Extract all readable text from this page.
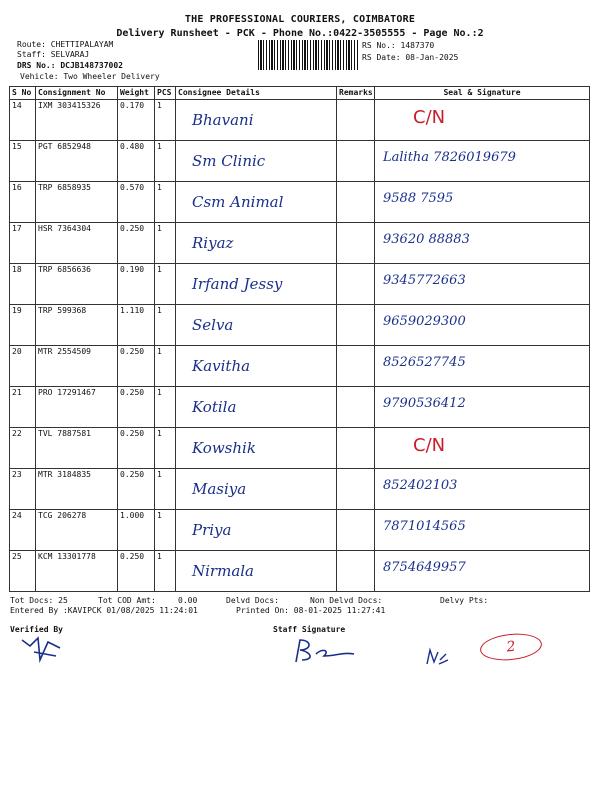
THE PROFESSIONAL COURIERS, COIMBATORE
Delivery Runsheet - PCK - Phone No.:0422-3505555 - Page No.:2
Route: CHETTIPALAYAM
Staff: SELVARAJ
DRS No.: DCJB148737002
Vehicle: Two Wheeler Delivery
RS No.: 1487370
RS Date: 08-Jan-2025
S No	Consignment No	Weight	PCS	Consignee Details	Remarks	Seal & Signature
14	IXM 303415326	0.170	1	Bhavani		C/N
15	PGT 6852948	0.480	1	Sm Clinic		Lalitha 7826019679
16	TRP 6858935	0.570	1	Csm Animal		9588 7595
17	HSR 7364304	0.250	1	Riyaz		93620 88883
18	TRP 6856636	0.190	1	Irfand Jessy		9345772663
19	TRP 599368	1.110	1	Selva		9659029300
20	MTR 2554509	0.250	1	Kavitha		8526527745
21	PRO 17291467	0.250	1	Kotila		9790536412
22	TVL 7887581	0.250	1	Kowshik		C/N
23	MTR 3184835	0.250	1	Masiya		852402103
24	TCG 206278	1.000	1	Priya		7871014565
25	KCM 13301778	0.250	1	Nirmala		8754649957
Tot Docs: 25	Tot COD Amt:	0.00	Delvd Docs:	Non Delvd Docs:	Delvy Pts:
Entered By :KAVIPCK 01/08/2025 11:24:01	Printed On: 08-01-2025 11:27:41
Verified By	Staff Signature
2
